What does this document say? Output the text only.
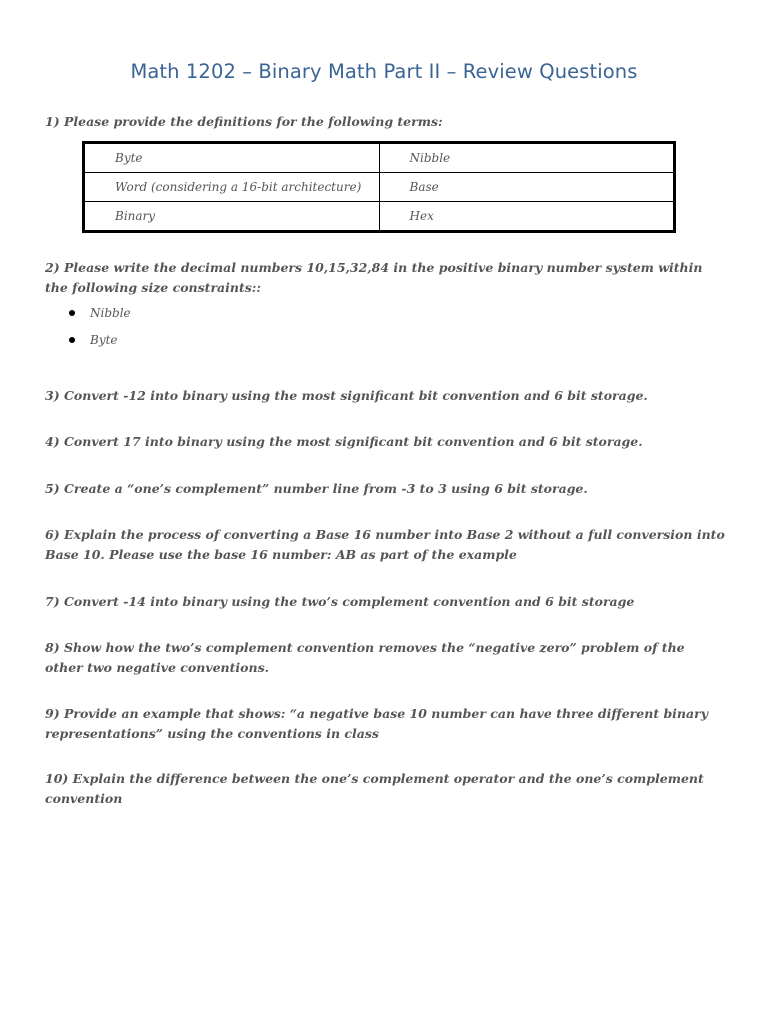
Math 1202 – Binary Math Part II – Review Questions
1) Please provide the definitions for the following terms:
Byte	Nibble
Word (considering a 16-bit architecture)	Base
Binary	Hex
2) Please write the decimal numbers 10,15,32,84 in the positive binary number system within the following size constraints::
Nibble
Byte
3) Convert -12 into binary using the most significant bit convention and 6 bit storage.
4) Convert 17 into binary using the most significant bit convention and 6 bit storage.
5) Create a “one’s complement” number line from -3 to 3 using 6 bit storage.
6) Explain the process of converting a Base 16 number into Base 2 without a full conversion into Base 10. Please use the base 16 number: AB as part of the example
7) Convert -14 into binary using the two’s complement convention and 6 bit storage
8) Show how the two’s complement convention removes the “negative zero” problem of the other two negative conventions.
9) Provide an example that shows: “a negative base 10 number can have three different binary representations” using the conventions in class
10) Explain the difference between the one’s complement operator and the one’s complement convention
